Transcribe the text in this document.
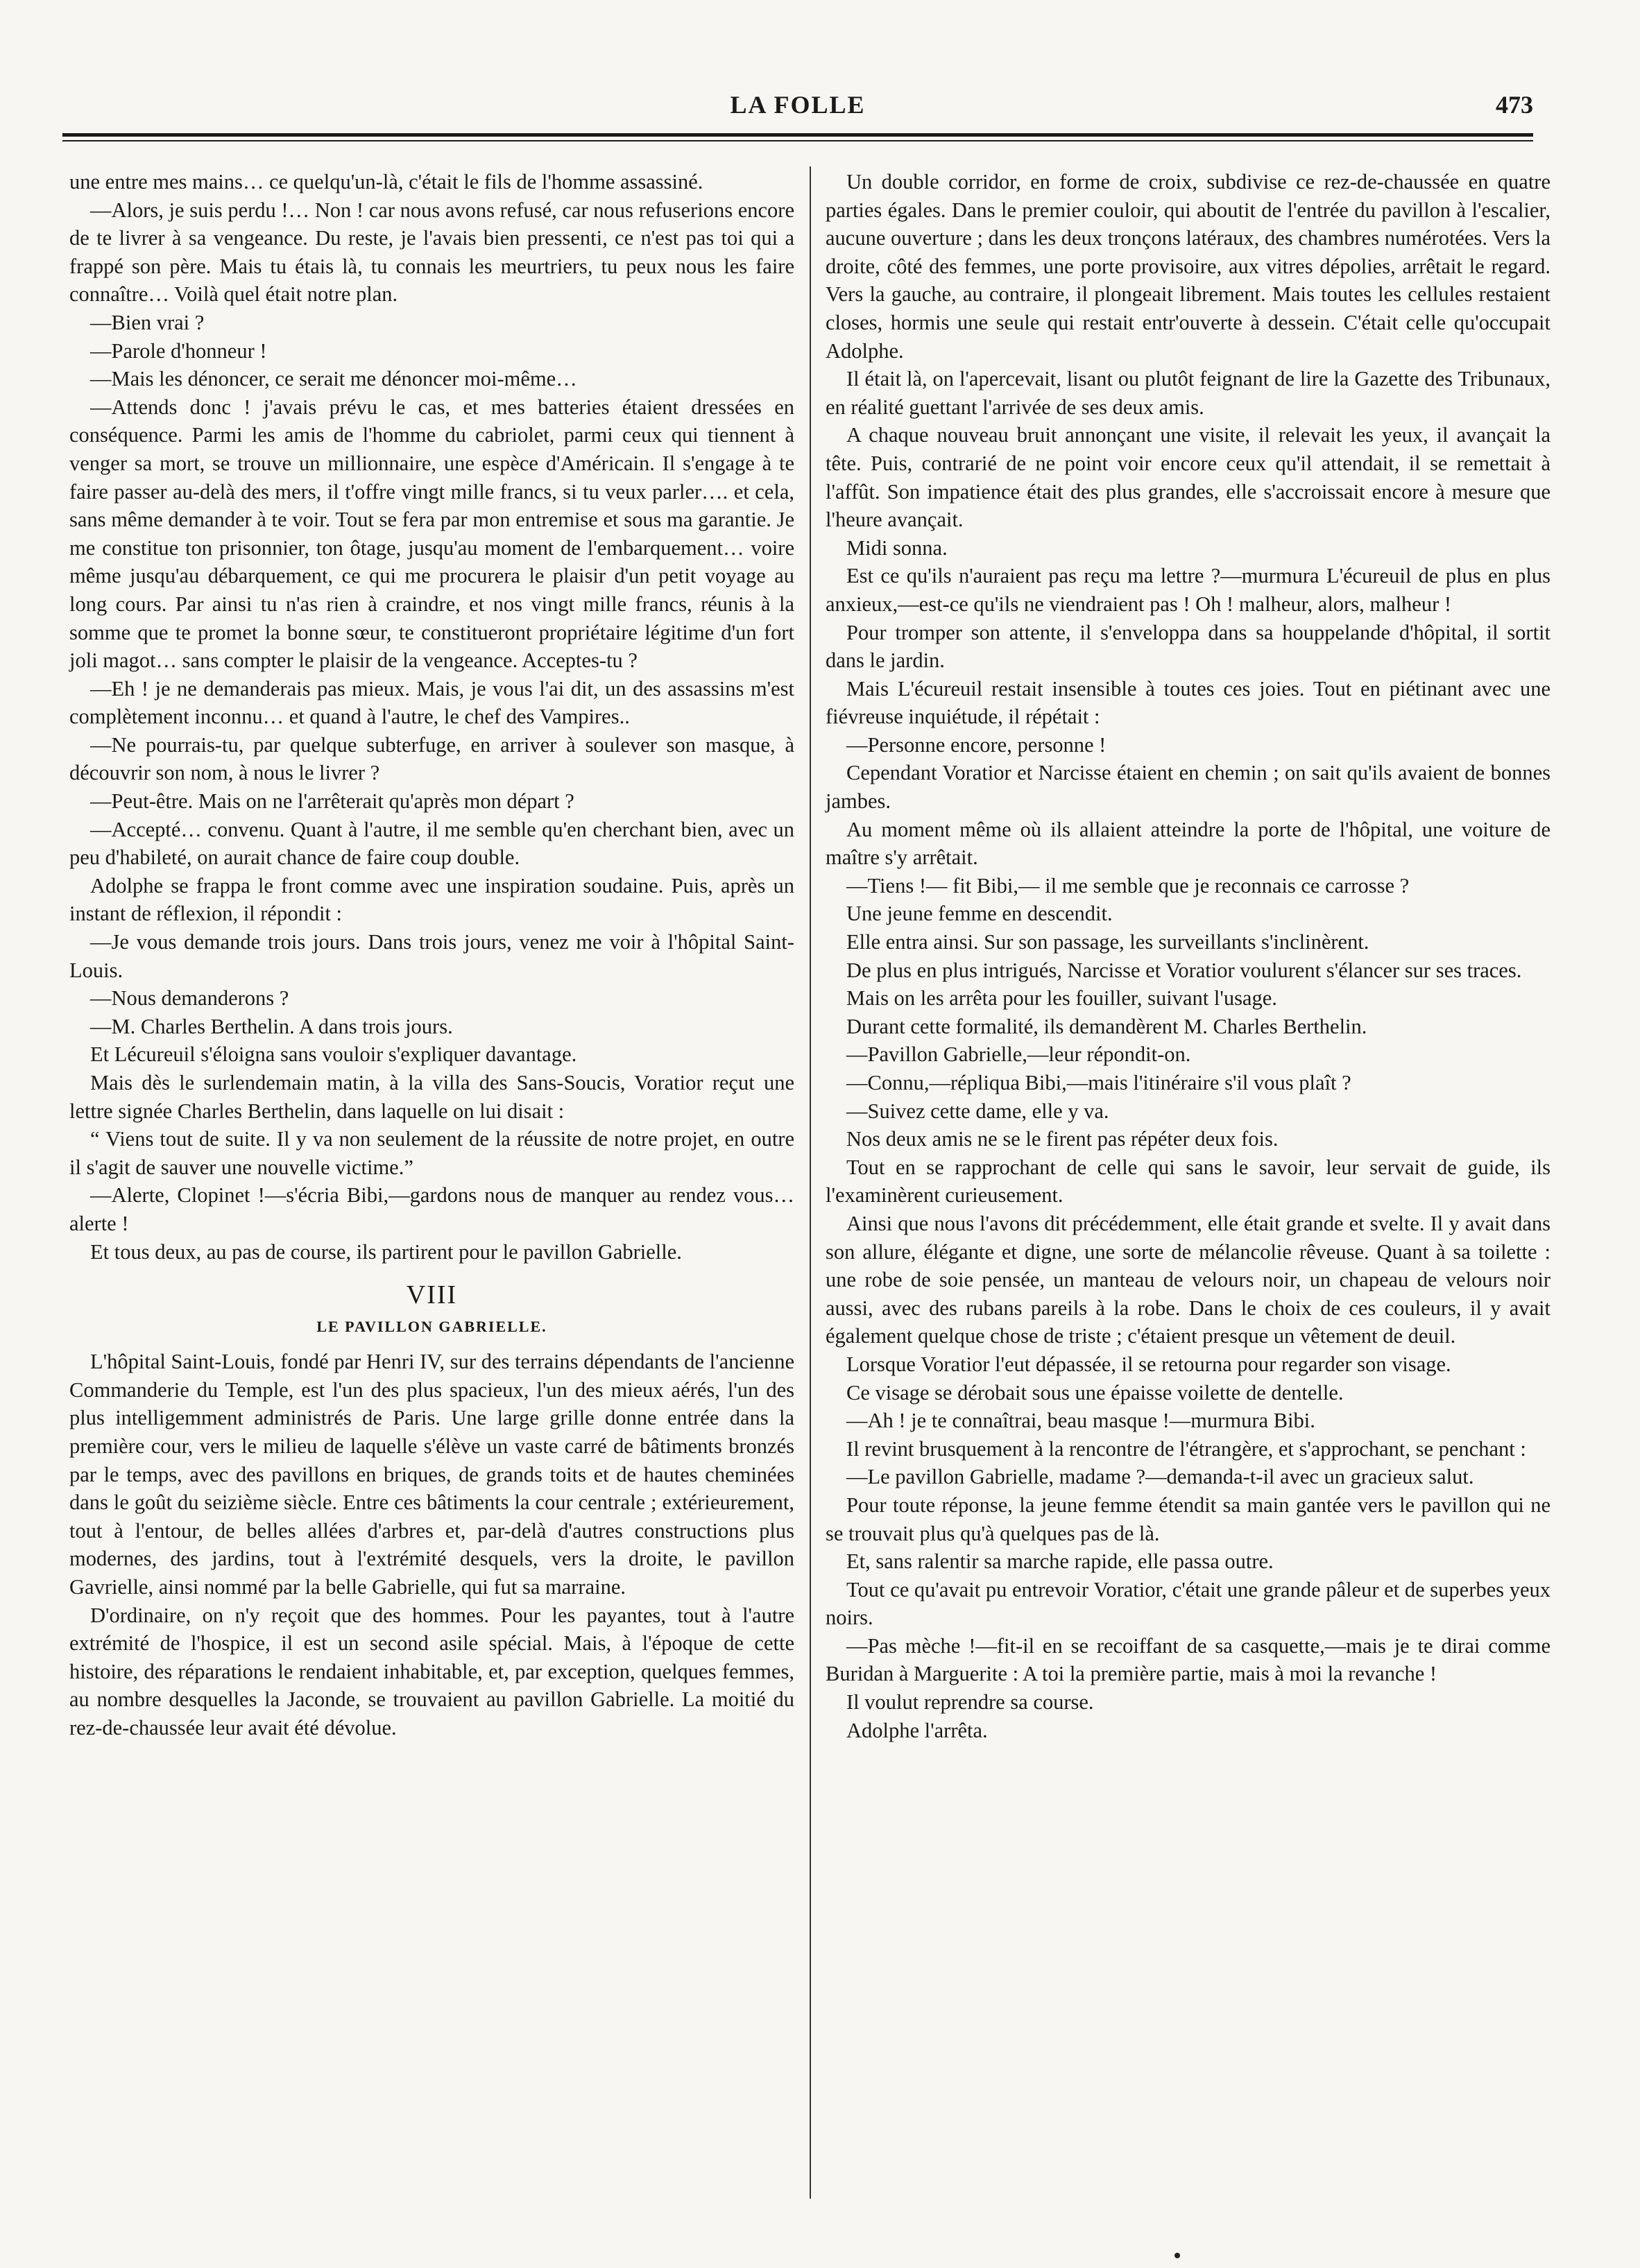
LA FOLLE	473

une entre mes mains… ce quelqu'un-là, c'était le fils de l'homme assassiné.

—Alors, je suis perdu !… Non ! car nous avons refusé, car nous refuserions encore de te livrer à sa vengeance. Du reste, je l'avais bien pressenti, ce n'est pas toi qui a frappé son père. Mais tu étais là, tu connais les meurtriers, tu peux nous les faire connaître… Voilà quel était notre plan.

—Bien vrai ?

—Parole d'honneur !

—Mais les dénoncer, ce serait me dénoncer moi-même…

—Attends donc ! j'avais prévu le cas, et mes batteries étaient dressées en conséquence. Parmi les amis de l'homme du cabriolet, parmi ceux qui tiennent à venger sa mort, se trouve un millionnaire, une espèce d'Américain. Il s'engage à te faire passer au-delà des mers, il t'offre vingt mille francs, si tu veux parler…. et cela, sans même demander à te voir. Tout se fera par mon entremise et sous ma garantie. Je me constitue ton prisonnier, ton ôtage, jusqu'au moment de l'embarquement… voire même jusqu'au débarquement, ce qui me procurera le plaisir d'un petit voyage au long cours. Par ainsi tu n'as rien à craindre, et nos vingt mille francs, réunis à la somme que te promet la bonne sœur, te constitueront propriétaire légitime d'un fort joli magot… sans compter le plaisir de la vengeance. Acceptes-tu ?

—Eh ! je ne demanderais pas mieux. Mais, je vous l'ai dit, un des assassins m'est complètement inconnu… et quand à l'autre, le chef des Vampires..

—Ne pourrais-tu, par quelque subterfuge, en arriver à soulever son masque, à découvrir son nom, à nous le livrer ?

—Peut-être. Mais on ne l'arrêterait qu'après mon départ ?

—Accepté… convenu. Quant à l'autre, il me semble qu'en cherchant bien, avec un peu d'habileté, on aurait chance de faire coup double.

Adolphe se frappa le front comme avec une inspiration soudaine. Puis, après un instant de réflexion, il répondit :

—Je vous demande trois jours. Dans trois jours, venez me voir à l'hôpital Saint-Louis.

—Nous demanderons ?

—M. Charles Berthelin. A dans trois jours.

Et Lécureuil s'éloigna sans vouloir s'expliquer davantage.

Mais dès le surlendemain matin, à la villa des Sans-Soucis, Voratior reçut une lettre signée Charles Berthelin, dans laquelle on lui disait :

“ Viens tout de suite. Il y va non seulement de la réussite de notre projet, en outre il s'agit de sauver une nouvelle victime.”

—Alerte, Clopinet !—s'écria Bibi,—gardons nous de manquer au rendez vous… alerte !

Et tous deux, au pas de course, ils partirent pour le pavillon Gabrielle.

VIII
LE PAVILLON GABRIELLE.

L'hôpital Saint-Louis, fondé par Henri IV, sur des terrains dépendants de l'ancienne Commanderie du Temple, est l'un des plus spacieux, l'un des mieux aérés, l'un des plus intelligemment administrés de Paris. Une large grille donne entrée dans la première cour, vers le milieu de laquelle s'élève un vaste carré de bâtiments bronzés par le temps, avec des pavillons en briques, de grands toits et de hautes cheminées dans le goût du seizième siècle. Entre ces bâtiments la cour centrale ; extérieurement, tout à l'entour, de belles allées d'arbres et, par-delà d'autres constructions plus modernes, des jardins, tout à l'extrémité desquels, vers la droite, le pavillon Gavrielle, ainsi nommé par la belle Gabrielle, qui fut sa marraine.

D'ordinaire, on n'y reçoit que des hommes. Pour les payantes, tout à l'autre extrémité de l'hospice, il est un second asile spécial. Mais, à l'époque de cette histoire, des réparations le rendaient inhabitable, et, par exception, quelques femmes, au nombre desquelles la Jaconde, se trouvaient au pavillon Gabrielle. La moitié du rez-de-chaussée leur avait été dévolue.

Un double corridor, en forme de croix, subdivise ce rez-de-chaussée en quatre parties égales. Dans le premier couloir, qui aboutit de l'entrée du pavillon à l'escalier, aucune ouverture ; dans les deux tronçons latéraux, des chambres numérotées. Vers la droite, côté des femmes, une porte provisoire, aux vitres dépolies, arrêtait le regard. Vers la gauche, au contraire, il plongeait librement. Mais toutes les cellules restaient closes, hormis une seule qui restait entr'ouverte à dessein. C'était celle qu'occupait Adolphe.

Il était là, on l'apercevait, lisant ou plutôt feignant de lire la Gazette des Tribunaux, en réalité guettant l'arrivée de ses deux amis.

A chaque nouveau bruit annonçant une visite, il relevait les yeux, il avançait la tête. Puis, contrarié de ne point voir encore ceux qu'il attendait, il se remettait à l'affût. Son impatience était des plus grandes, elle s'accroissait encore à mesure que l'heure avançait.

Midi sonna.

Est ce qu'ils n'auraient pas reçu ma lettre ?—murmura L'écureuil de plus en plus anxieux,—est-ce qu'ils ne viendraient pas ! Oh ! malheur, alors, malheur !

Pour tromper son attente, il s'enveloppa dans sa houppelande d'hôpital, il sortit dans le jardin.

Mais L'écureuil restait insensible à toutes ces joies. Tout en piétinant avec une fiévreuse inquiétude, il répétait :

—Personne encore, personne !

Cependant Voratior et Narcisse étaient en chemin ; on sait qu'ils avaient de bonnes jambes.

Au moment même où ils allaient atteindre la porte de l'hôpital, une voiture de maître s'y arrêtait.

—Tiens !— fit Bibi,— il me semble que je reconnais ce carrosse ?

Une jeune femme en descendit.

Elle entra ainsi. Sur son passage, les surveillants s'inclinèrent.

De plus en plus intrigués, Narcisse et Voratior voulurent s'élancer sur ses traces.

Mais on les arrêta pour les fouiller, suivant l'usage.

Durant cette formalité, ils demandèrent M. Charles Berthelin.

—Pavillon Gabrielle,—leur répondit-on.

—Connu,—répliqua Bibi,—mais l'itinéraire s'il vous plaît ?

—Suivez cette dame, elle y va.

Nos deux amis ne se le firent pas répéter deux fois.

Tout en se rapprochant de celle qui sans le savoir, leur servait de guide, ils l'examinèrent curieusement.

Ainsi que nous l'avons dit précédemment, elle était grande et svelte. Il y avait dans son allure, élégante et digne, une sorte de mélancolie rêveuse. Quant à sa toilette : une robe de soie pensée, un manteau de velours noir, un chapeau de velours noir aussi, avec des rubans pareils à la robe. Dans le choix de ces couleurs, il y avait également quelque chose de triste ; c'étaient presque un vêtement de deuil.

Lorsque Voratior l'eut dépassée, il se retourna pour regarder son visage.

Ce visage se dérobait sous une épaisse voilette de dentelle.

—Ah ! je te connaîtrai, beau masque !—murmura Bibi.

Il revint brusquement à la rencontre de l'étrangère, et s'approchant, se penchant :

—Le pavillon Gabrielle, madame ?—demanda-t-il avec un gracieux salut.

Pour toute réponse, la jeune femme étendit sa main gantée vers le pavillon qui ne se trouvait plus qu'à quelques pas de là.

Et, sans ralentir sa marche rapide, elle passa outre.

Tout ce qu'avait pu entrevoir Voratior, c'était une grande pâleur et de superbes yeux noirs.

—Pas mèche !—fit-il en se recoiffant de sa casquette,—mais je te dirai comme Buridan à Marguerite : A toi la première partie, mais à moi la revanche !

Il voulut reprendre sa course.

Adolphe l'arrêta.
